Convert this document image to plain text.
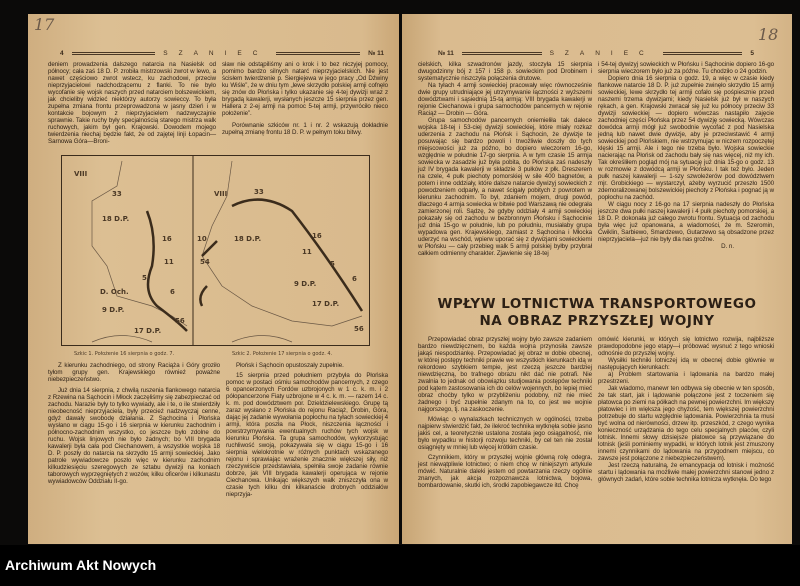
17
4	SZANIEC	№ 11

deniem prowadzenia dalszego natarcia na Nasielsk od północy; cała zaś 18 D. P. zrobiła mistrzowski zwrot w lewo, a nawet częściowo zwrot wstecz, ku zachodowi, przeciw nieprzyjacielowi nadchodzącemu z flanki. To nie było wycofanie się wojsk naszych przed natarciem bolszewickiem, jak chcieliby widzieć niektórzy autorzy sowieccy. To była zupełna zmiana frontu przeprowadzona w jasny dzień i w kontakcie bojowym z nieprzyjacielem nadzwyczajnie sprawnie. Takie ruchy były specjalnością starego mistrza walk ruchowych, jakim był gen. Krajowski. Dowodem mojego twierdzenia niechaj będzie fakt, że od zajętej linji Łopacin—Sarnowa Góra—Broni-

sław nie odstąpiliśmy ani o krok i to bez niczyjej pomocy, pomimo bardzo silnych natarć nieprzyjacielskich. Nie jest ścisłem twierdzenie p. Siergiejewa w jego pracy „Od Dźwiny ku Wiśle”, że w dniu tym „lewe skrzydło polskiej armji cofnęło się znów do Płońska i tylko ukazanie się 4-tej dywizji wraz z brygadą kawalerji, wysłanych jeszcze 15 sierpnia przez gen. Hallera z 2-ej armji na pomoc 5-tej armji, przywróciło nieco położenie”.

Porównanie szkiców nr. 1 i nr. 2 wskazują dokładnie zupełną zmianę frontu 18 D. P. w pełnym toku bitwy.

33
18 D.P.
16
11
5
6
56
9 D.P.
17 D.P.
D. Och.
VIII
33
18 D.P.	16
11
5
6
56
9 D.P.
17 D.P.
10
54
VIII
Szkic 1. Położenie 16 sierpnia o godz. 7.	Szkic 2. Położenie 17 sierpnia o godz. 4.

Z kierunku zachodniego, od strony Raciąża i Góry groziło tyłom grupy gen. Krajewskiego również poważne niebezpieczeństwo.

Już dnia 14 sierpnia, z chwilą ruszenia flankowego natarcia z Rzewina na Sąchocin i Młock zaczęliśmy się zabezpieczać od zachodu. Narazie były to tylko wywiady, ale i te, o ile stwierdziły nieobecność nieprzyjaciela, były przecież nadzwyczaj cenne, gdyż dawały swobodę działania. Z Sąchocina i Płońska wysłano w ciągu 15-go i 16 sierpnia w kierunku zachodnim i północno-zachodnim wszystko, co jeszcze było zdolne do ruchu. Wojsk linjowych nie było żadnych; bo VIII brygada kawalerji była cała pod Ciechanowem, a wszystkie wojska 18 D. P. poszły do natarcia na skrzydło 15 armji sowieckiej. Jako patrole wywiadowcze poszło więc w kierunku zachodnim kilkudziesięciu szeregowych ze sztabu dywizji na koniach taborowych wyprzęgniętych z wozów, kilku oficerów i kilkunastu wywiadowców Oddziału II-go.

Płońsk i Sąchocin opustoszały zupełnie.

15 sierpnia przed południem przybyła do Płońska pomoc w postaci ośmiu samochodów pancernych, z czego 6 opancerzonych Fordów uzbrojonych w 1 c. k. m. i 2 półopancerzone Fiaty uzbrojone w 4 c. k. m. — razem 14 c. k. m. pod dowództwem por. Dzieldzielewskiego. Grupę tą zaraz wysłano z Płońska do rejonu Raciąż, Drobin, Góra, dając jej zadanie wywołania popłochu na tyłach sowieckiej 4 armji, która poszła na Płock, niszczenia łączności i powstrzymywania ewentualnych ruchów tych wojsk w kierunku Płońska. Ta grupa samochodów, wykorzystując ruchliwość swoją, pokazywała się w ciągu 15-go i 16 sierpnia wielokrotnie w różnych punktach wskazanego rejonu i sprawiając wrażenie znacznie większej siły, niż rzeczywiście przedstawiała, spełniła swoje zadanie równie dobrze, jak VIII brygada kawalerji operująca w rejonie Ciechanowa. Unikając większych walk zniszczyła ona w czasie tych kilku dni kilkanaście drobnych oddziałów nieprzyja-

18
№ 11	SZANIEC	5

cielskich, kilka szwadronów jazdy, stoczyła 15 sierpnia dwugodzinny bój z 157 i 158 p. sowieckim pod Drobinem i systematycznie niszczyła połączenia drutowe.

Na tyłach 4 armji sowieckiej pracowały więc równocześnie dwie grupy utrudniające jej utrzymywanie łączności z wyższemi dowództwami i sąsiednią 15-tą armją: VIII brygada kawalerji w rejonie Ciechanowa i grupa samochodów pancernych w rejonie Raciąż — Drobin — Góra.

Grupa samochodów pancernych oniemieliła tak dalece wojska 18-tej i 53-ciej dywizji sowieckiej, które miały rozkaz uderzenia z zachodu na Płońsk i Sąchocin, że dywizje te posuwając się bardzo powoli i trwożliwie doszły do tych miejscowości już za późno, bo dopiero wieczorem 16-go, względnie w południe 17-go sierpnia. A w tym czasie 15 armja sowiecka w zasadzie już była pobita, do Płońska zaś nadeszły już IV brygada kawalerji w składzie 3 pułków z płk. Dreszerem na czele, 4 pułk piechoty pomorskiej w sile 400 bagnetów, a potem i inne oddziały, które dalsze natarcie dywizyj sowieckich z powodzeniem odparły, a nawet ścigały pobitych z powrotem w kierunku zachodnim. To był, zdaniem mojem, drugi powód, dlaczego 4 armja sowiecka w bitwie pod Warszawą nie odegrała zamierzonej roli. Sądzę, że gdyby oddziały 4 armji sowieckiej pokazały się od zachodu w bezbronnym Płońsku i Sąchocinie już dnia 15-go w południe, lub po południu, musiałaby grupa wypadowa gen. Krajewskiego, zamiast z Sąchocina i Młocka uderzyć na wschód, wpierw uporać się z dywizjami sowieckiemi w Płońsku — cały przebieg walk 5 armji polskiej byłby przybrał całkiem odmienny charakter. Zjawienie się 18-tej

i 54-tej dywizyj sowieckich w Płońsku i Sąchocinie dopiero 16-go sierpnia wieczorem było już za późne. Tu chodziło o 24 godzin.

Dopiero dnia 16 sierpnia o godz. 19, a więc w czasie kiedy flankowe natarcie 18 D. P. już zupełnie zwinęło skrzydło 15 armji sowieckiej, lewe skrzydło tej armji cofało się pośpiesznie przed naszemi trzema dywizjami; kiedy Nasielsk już był w naszych rękach, a gen. Krajowski zwracał się już ku północy przeciw 33 dywizji sowieckiej — dopiero wówczas nastąpiło zajęcie zachodniej części Płońska przez 54 dywizję sowiecką. Wówczas dowódca armji mógł już swobodnie wycofać z pod Nasielska jedną lub nawet dwie dywizje, aby je przeciwstawić 4 armji sowieckiej pod Płońskiem, nie wstrzymując w niczem rozpoczętej klęski 15 armji. Ale i tego nie trzeba było. Wojska sowieckie nacierając na Płońsk od zachodu bały się nas więcej, niż my ich. Tak określiłem pogląd mój na sytuację już dnia 15-go o godz. 13 w rozmowie z dowódcą armji w Płońsku. I tak też było. Jeden pułk naszej kawalerji — 1-szy szwoleżerów pod dowództwem mjr. Grobickiego — wystarczył, ażeby wyrzucić przeszło 1500 zdemoralizowanej bolszewickiej piechoty z Płońska i pognać ją w popłochu na zachód.

W ciągu nocy z 16-go na 17 sierpnia nadeszły do Płońska jeszcze dwa pułki naszej kawalerji i 4 pułk piechoty pomorskiej, a 18 D. P. dokonała już całego zwrotu frontu. Sytuacja od zachodu była więc już opanowana, a wiadomości, że m. Szeromin, Ćwiklin, Sarbiewo, Smardzewo, Gutarzewo są obsadzone przez nieprzyjaciela—już nie były dla nas groźne.

D. n.

WPŁYW LOTNICTWA TRANSPORTOWEGO
NA OBRAZ PRZYSZŁEJ WOJNY

Przepowiadać obraz przyszłej wojny było zawsze zadaniem bardzo niewdzięcznem, bo każda wojna przynosiła zawsze jakąś niespodziankę. Przepowiadać jej obraz w dobie obecnej, w której postępy techniki prawie we wszystkich kierunkach idą w rekordowo szybkiem tempie, jest rzeczą jeszcze bardziej niewdzięczną, bo trafnego obrazu nikt dać nie potrafi. Nie zwalnia to jednak od obowiązku studjowania postępów techniki pod kątem zastosowania ich do celów wojennych, bo lepiej mieć obraz choćby tylko w przybliżeniu podobny, niż nie mieć żadnego i być zupełnie zdanym na to, co jest we wojnie najgorszego, tj. na zaskoczenie.

Mówiąc o wynalazkach technicznych w ogólności, trzeba najpierw stwierdzić fakt, że ilekroć technika wytknęła sobie jasno jakiś cel, a teoretycznie ustalona została jego osiągalność, nie było wypadku w historji rozwoju techniki, by cel ten nie został osiągnięty w mniej lub więcej krótkim czasie.

Czynnikiem, który w przyszłej wojnie główną rolę odegra, jest niewątpliwie lotnictwo; o niem chcę w niniejszym artykule mówić. Naturalnie daleki jestem od powtarzania rzeczy ogólnie znanych, jak akcja rozpoznawcza lotnictwa, bojowa, bombardowanie, skutki ich, środki zapobiegawcze itd. Chcę

omówić kierunki, w których się lotnictwo rozwija, najbliższe prawdopodobne jego etapy—i próbować wysnuć z tego wnioski odnośnie do przyszłej wojny.

Wysiłki techniki lotniczej idą w obecnej dobie głównie w następujących kierunkach:

a) Problem startowania i lądowania na bardzo małej przestrzeni.

Jak wiadomo, manewr ten odbywa się obecnie w ten sposób, że tak start, jak i lądowanie połączone jest z toczeniem się płatowca po ziemi na półkach na pewnej powierzchni. Im większy płatowiec i im większa jego chyżość, tem większej powierzchni potrzebuje do startu względnie lądowania. Powierzchnia ta musi być wolna od nierówności, drzew itp. przeszkód, z czego wynika konieczność urządzania do tego celu specjalnych placów, czyli lotnisk. Innemi słowy dzisiejsze płatowce są przywiązane do lotnisk (jeśli pominiemy wypadki, w których lotnik jest zmuszony innemi czynnikami do lądowania na przygodnem miejscu, co zawsze jest połączone z niebezpieczeństwem).

Jest rzeczą naturalną, że emancypacja od lotnisk i możność startu i lądowania na możliwie małej powierzchni stanowi jedno z głównych zadań, które sobie technika lotnicza wytknęła. Do tego

Archiwum Akt Nowych
